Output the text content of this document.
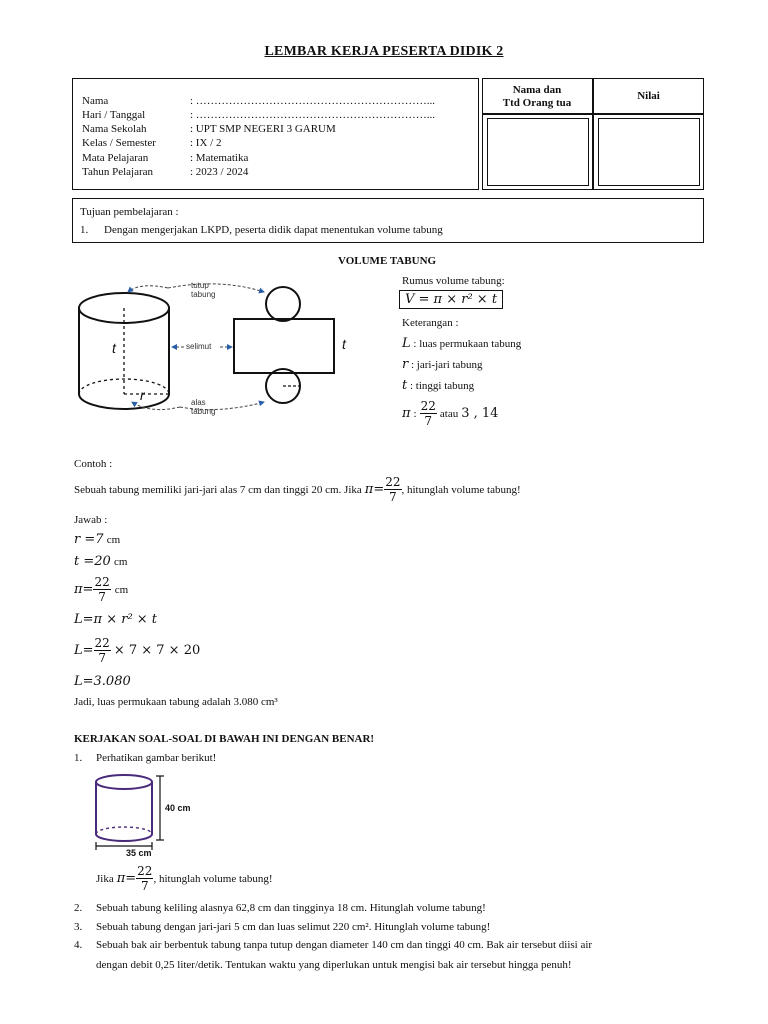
LEMBAR KERJA PESERTA DIDIK 2
Nama	: ………………………………………………………...
Hari / Tanggal	: ………………………………………………………...
Nama Sekolah	: UPT SMP NEGERI 3 GARUM
Kelas / Semester	: IX / 2
Mata Pelajaran	: Matematika
Tahun Pelajaran	: 2023 / 2024
Nama dan
Ttd Orang tua
Nilai
Tujuan pembelajaran :
1. Dengan mengerjakan LKPD, peserta didik dapat menentukan volume tabung
VOLUME TABUNG
tutup
tabung
selimut
alas
tabung
t
r
t
Rumus volume tabung:
V = π × r² × t
Keterangan :
L : luas permukaan tabung
r : jari-jari tabung
t : tinggi tabung
π : $\frac{22}{7}$ atau 3 , 14
Contoh :
Sebuah tabung memiliki jari-jari alas 7 cm dan tinggi 20 cm. Jika $\pi= \frac{22}{7}$ , hitunglah volume tabung!
Jawab :
r =7 cm
t =20 cm
$\pi= \frac{22}{7}$ cm
L=π × r² × t
$L= \frac{22}{7} \times 7 \times 7 \times 20$
L=3.080
Jadi, luas permukaan tabung adalah 3.080 cm³
KERJAKAN SOAL-SOAL DI BAWAH INI DENGAN BENAR!
1. Perhatikan gambar berikut!
40 cm
35 cm
Jika $\pi= \frac{22}{7}$ , hitunglah volume tabung!
2. Sebuah tabung keliling alasnya 62,8 cm dan tingginya 18 cm. Hitunglah volume tabung!
3. Sebuah tabung dengan jari-jari 5 cm dan luas selimut 220 cm². Hitunglah volume tabung!
4. Sebuah bak air berbentuk tabung tanpa tutup dengan diameter 140 cm dan tinggi 40 cm. Bak air tersebut diisi air
dengan debit 0,25 liter/detik. Tentukan waktu yang diperlukan untuk mengisi bak air tersebut hingga penuh!
